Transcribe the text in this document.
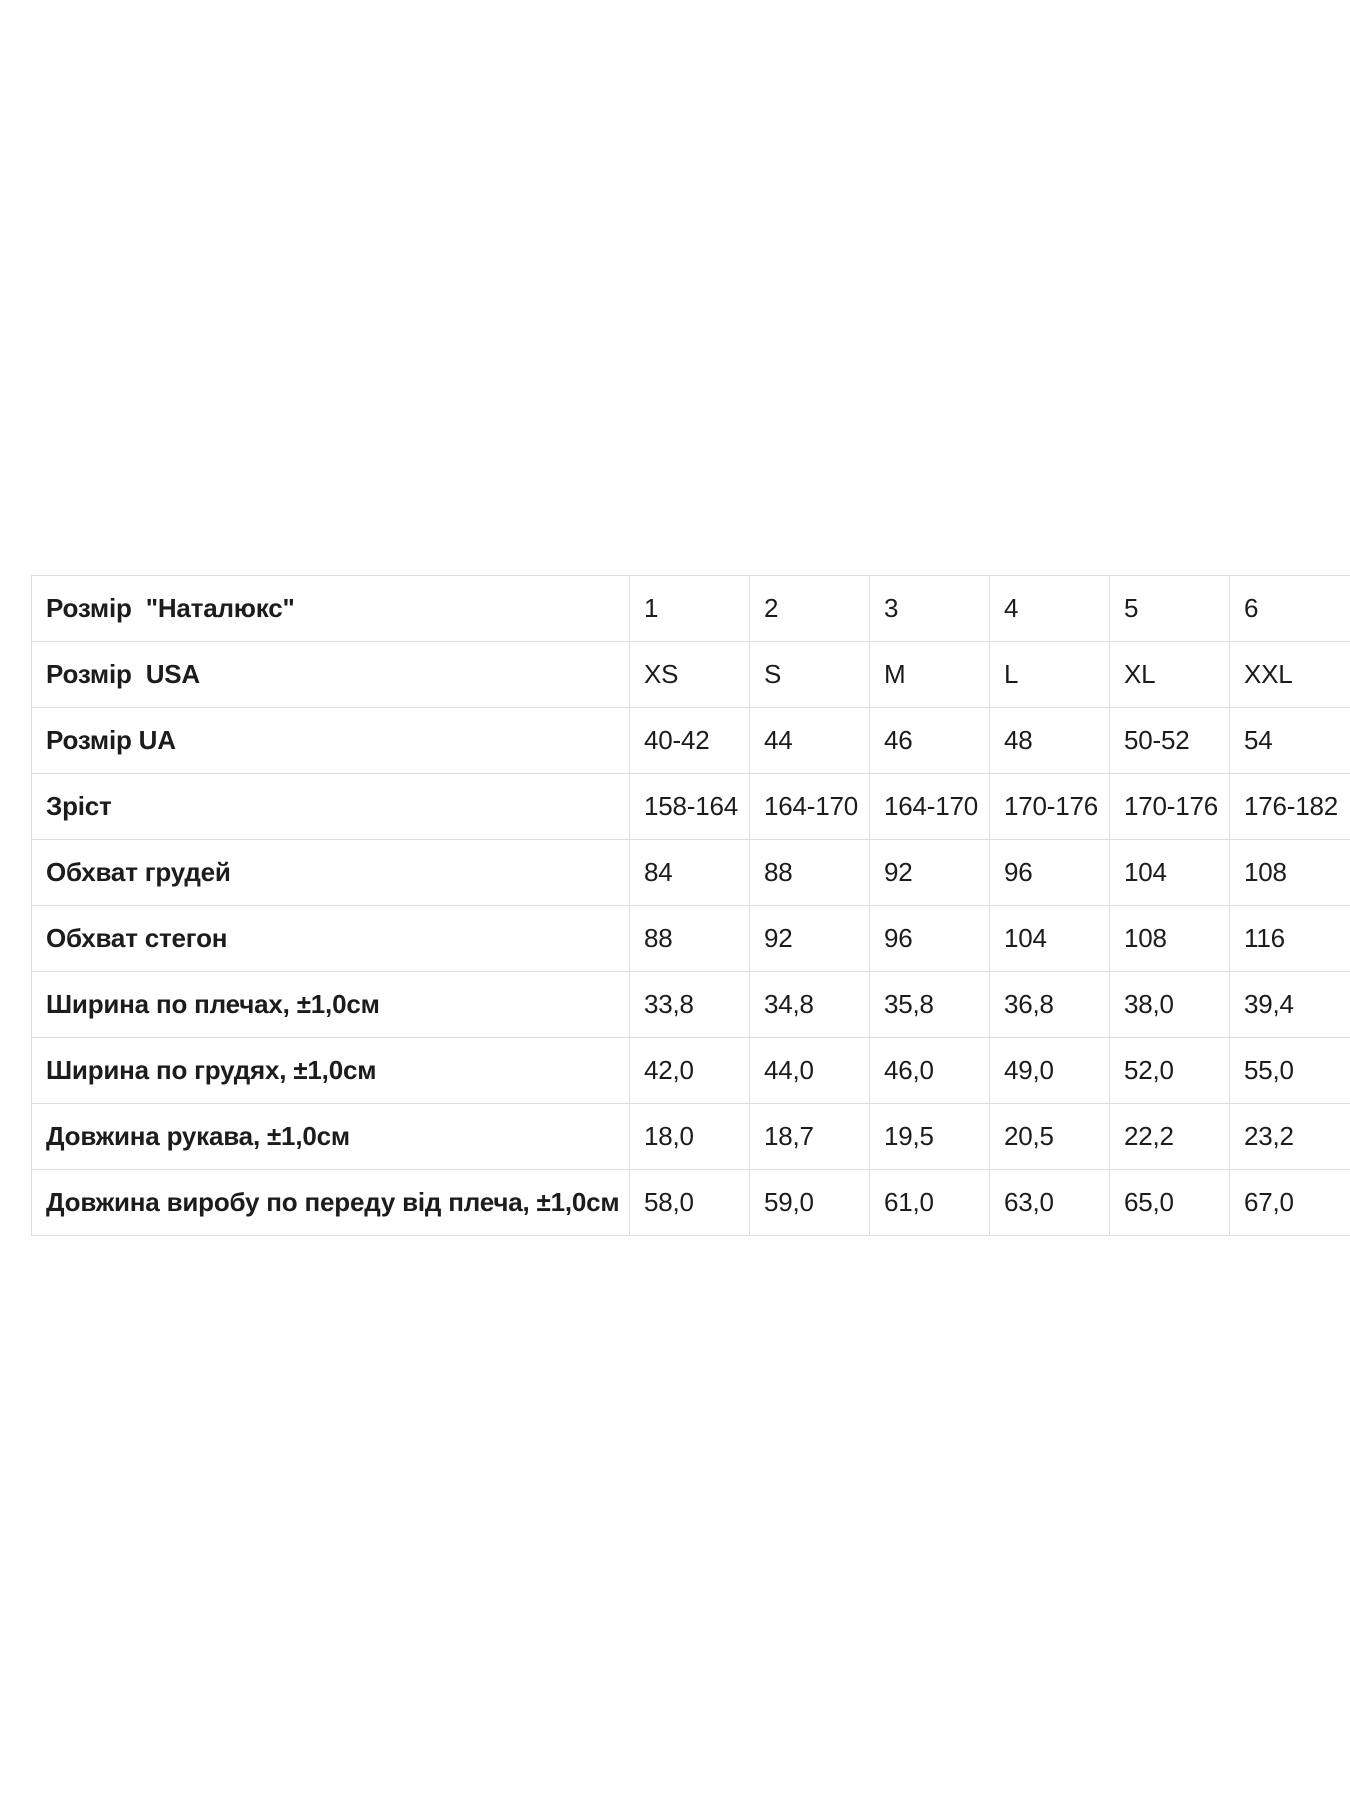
Розмір  "Наталюкс"	1	2	3	4	5	6
Розмір  USA	XS	S	M	L	XL	XXL
Розмір UA	40-42	44	46	48	50-52	54
Зріст	158-164	164-170	164-170	170-176	170-176	176-182
Обхват грудей	84	88	92	96	104	108
Обхват стегон	88	92	96	104	108	116
Ширина по плечах, ±1,0см	33,8	34,8	35,8	36,8	38,0	39,4
Ширина по грудях, ±1,0см	42,0	44,0	46,0	49,0	52,0	55,0
Довжина рукава, ±1,0см	18,0	18,7	19,5	20,5	22,2	23,2
Довжина виробу по переду від плеча, ±1,0см	58,0	59,0	61,0	63,0	65,0	67,0
